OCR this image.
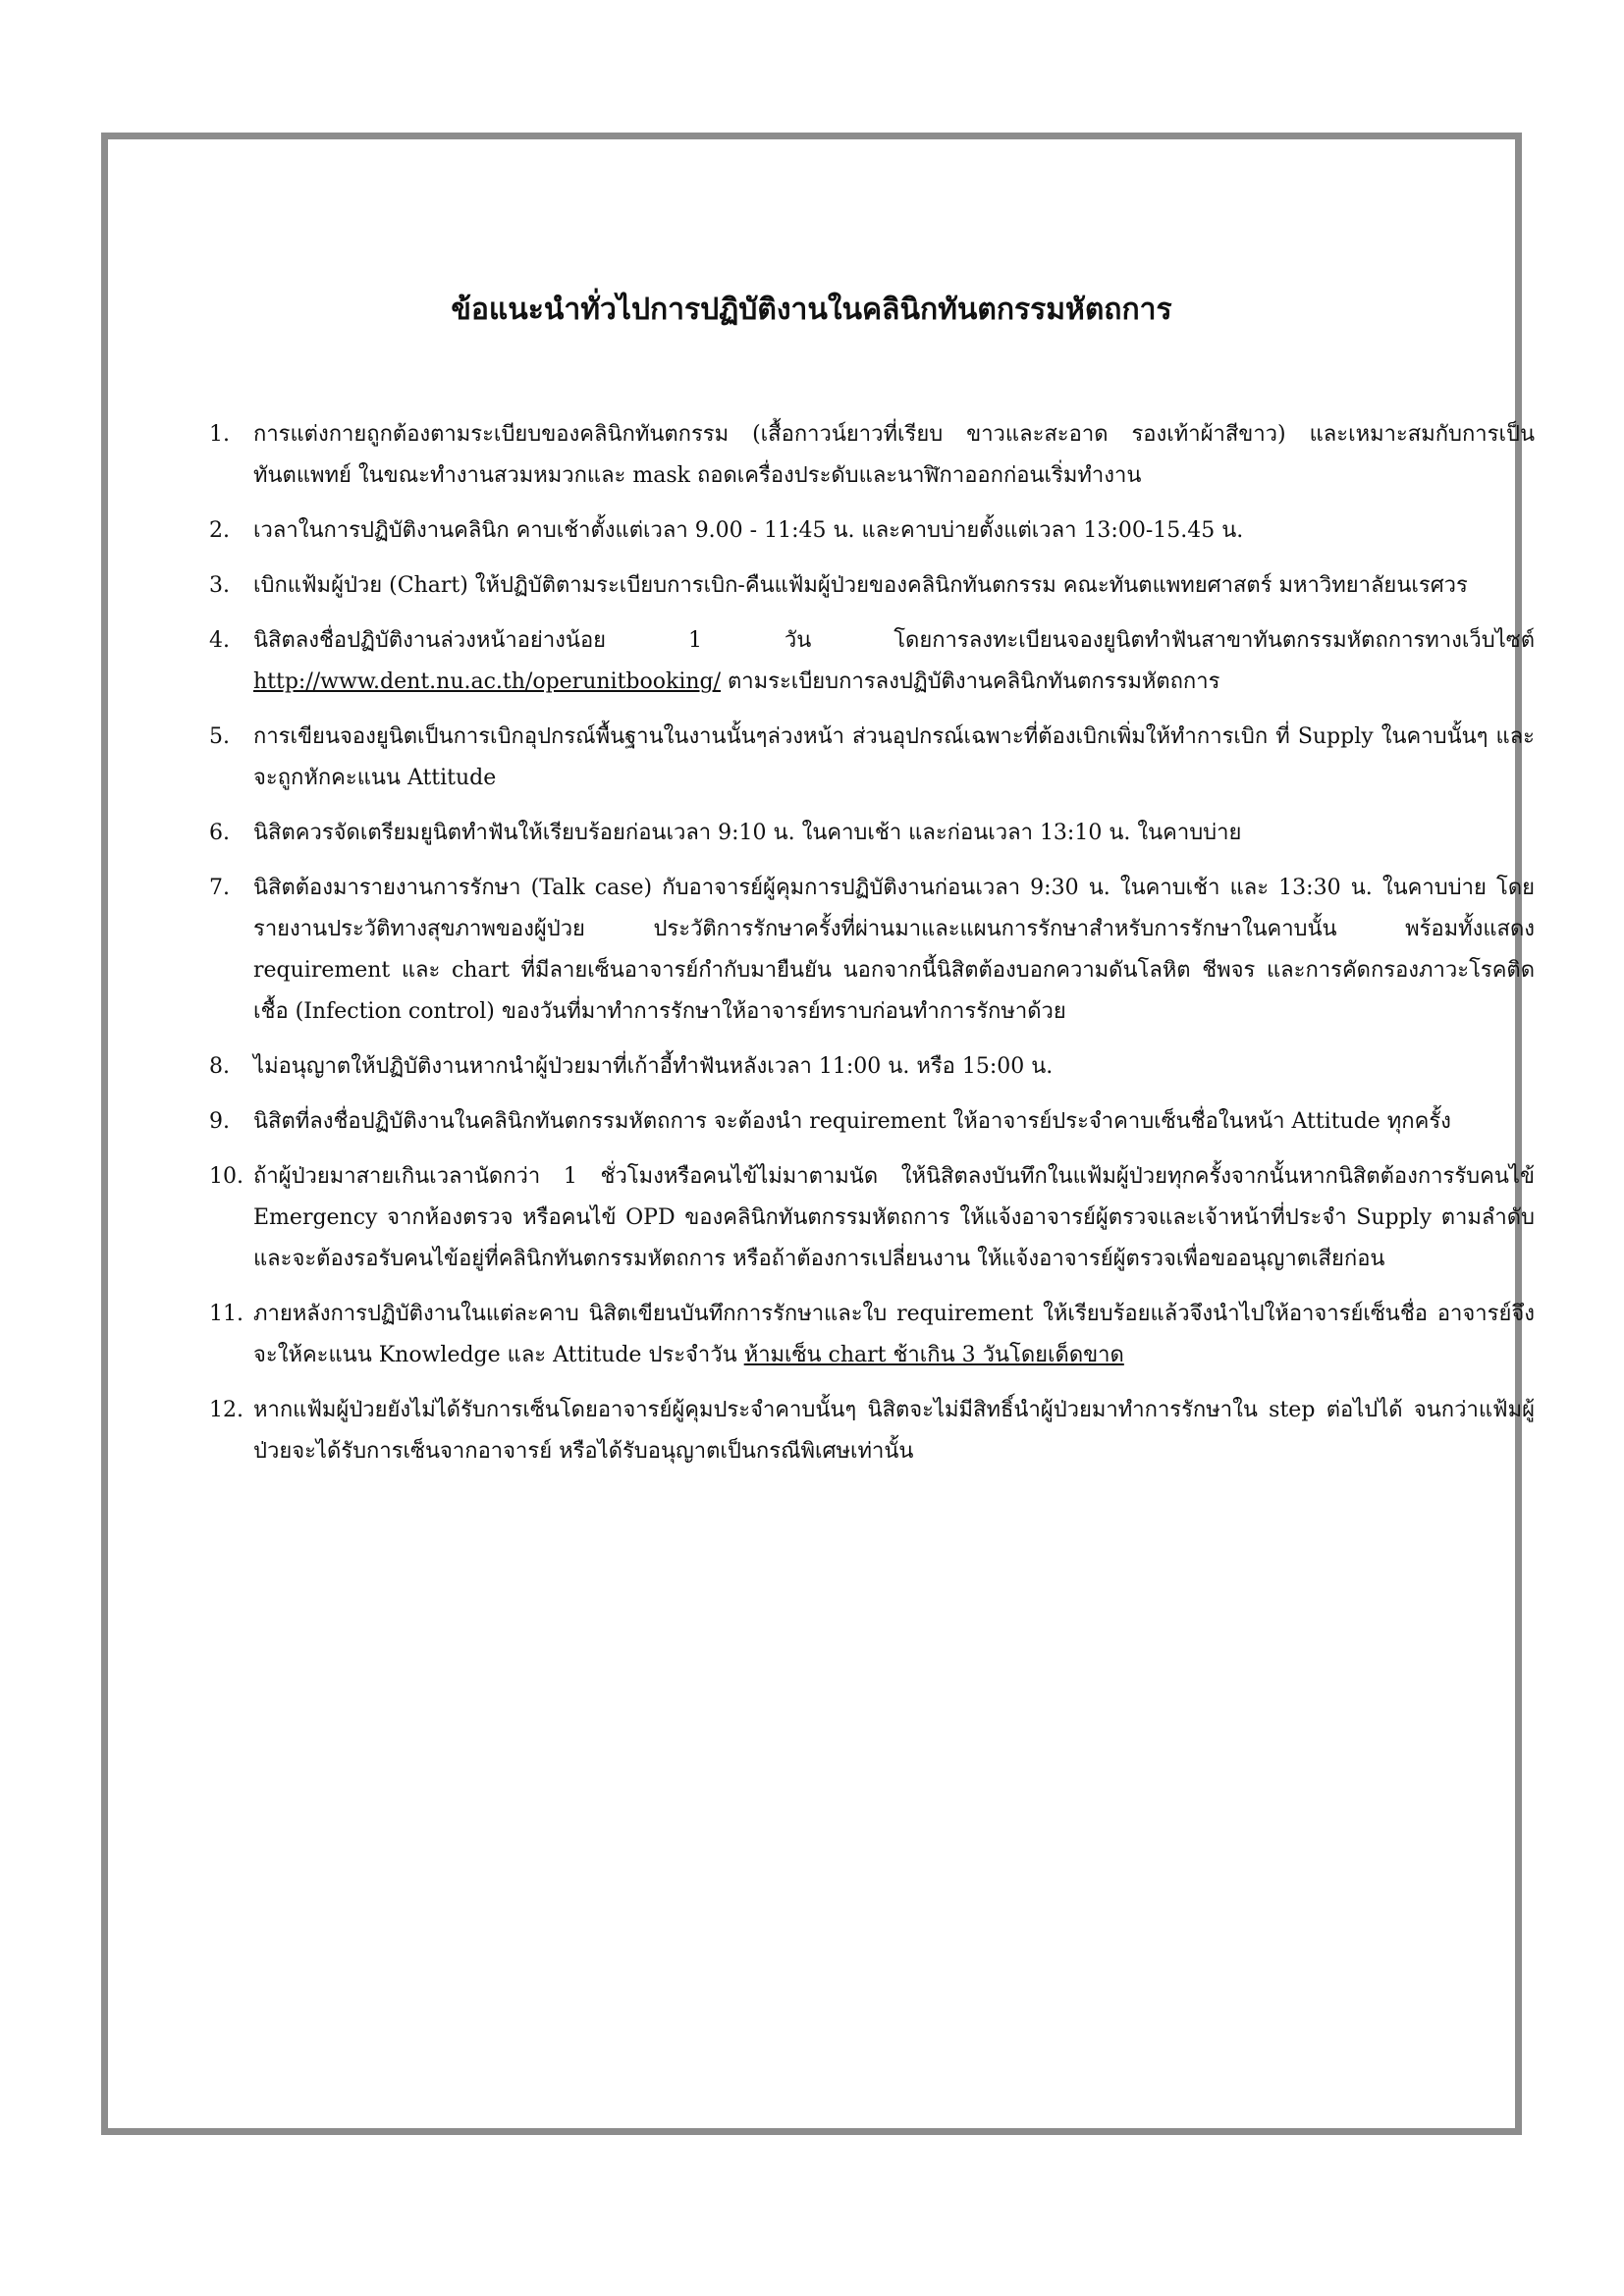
ข้อแนะนำทั่วไปการปฏิบัติงานในคลินิกทันตกรรมหัตถการ
1.	การแต่งกายถูกต้องตามระเบียบของคลินิกทันตกรรม (เสื้อกาวน์ยาวที่เรียบ ขาวและสะอาด รองเท้าผ้าสีขาว) และเหมาะสมกับการเป็นทันตแพทย์ ในขณะทำงานสวมหมวกและ mask ถอดเครื่องประดับและนาฬิกาออกก่อนเริ่มทำงาน
2.	เวลาในการปฏิบัติงานคลินิก คาบเช้าตั้งแต่เวลา 9.00 - 11:45 น. และคาบบ่ายตั้งแต่เวลา 13:00-15.45 น.
3.	เบิกแฟ้มผู้ป่วย (Chart) ให้ปฏิบัติตามระเบียบการเบิก-คืนแฟ้มผู้ป่วยของคลินิกทันตกรรม คณะทันตแพทยศาสตร์ มหาวิทยาลัยนเรศวร
4.	นิสิตลงชื่อปฏิบัติงานล่วงหน้าอย่างน้อย 1 วัน โดยการลงทะเบียนจองยูนิตทำฟันสาขาทันตกรรมหัตถการทางเว็บไซต์ http://www.dent.nu.ac.th/operunitbooking/ ตามระเบียบการลงปฏิบัติงานคลินิกทันตกรรมหัตถการ
5.	การเขียนจองยูนิตเป็นการเบิกอุปกรณ์พื้นฐานในงานนั้นๆล่วงหน้า ส่วนอุปกรณ์เฉพาะที่ต้องเบิกเพิ่มให้ทำการเบิก ที่ Supply ในคาบนั้นๆ และจะถูกหักคะแนน Attitude
6.	นิสิตควรจัดเตรียมยูนิตทำฟันให้เรียบร้อยก่อนเวลา 9:10 น. ในคาบเช้า และก่อนเวลา 13:10 น. ในคาบบ่าย
7.	นิสิตต้องมารายงานการรักษา (Talk case) กับอาจารย์ผู้คุมการปฏิบัติงานก่อนเวลา 9:30 น. ในคาบเช้า และ 13:30 น. ในคาบบ่าย โดยรายงานประวัติทางสุขภาพของผู้ป่วย ประวัติการรักษาครั้งที่ผ่านมาและแผนการรักษาสำหรับการรักษาในคาบนั้น พร้อมทั้งแสดง requirement และ chart ที่มีลายเซ็นอาจารย์กำกับมายืนยัน นอกจากนี้นิสิตต้องบอกความดันโลหิต ชีพจร และการคัดกรองภาวะโรคติดเชื้อ (Infection control) ของวันที่มาทำการรักษาให้อาจารย์ทราบก่อนทำการรักษาด้วย
8.	ไม่อนุญาตให้ปฏิบัติงานหากนำผู้ป่วยมาที่เก้าอี้ทำฟันหลังเวลา 11:00 น. หรือ 15:00 น.
9.	นิสิตที่ลงชื่อปฏิบัติงานในคลินิกทันตกรรมหัตถการ จะต้องนำ requirement ให้อาจารย์ประจำคาบเซ็นชื่อในหน้า Attitude ทุกครั้ง
10. ถ้าผู้ป่วยมาสายเกินเวลานัดกว่า 1 ชั่วโมงหรือคนไข้ไม่มาตามนัด ให้นิสิตลงบันทึกในแฟ้มผู้ป่วยทุกครั้งจากนั้นหากนิสิตต้องการรับคนไข้ Emergency จากห้องตรวจ หรือคนไข้ OPD ของคลินิกทันตกรรมหัตถการ ให้แจ้งอาจารย์ผู้ตรวจและเจ้าหน้าที่ประจำ Supply ตามลำดับและจะต้องรอรับคนไข้อยู่ที่คลินิกทันตกรรมหัตถการ หรือถ้าต้องการเปลี่ยนงาน ให้แจ้งอาจารย์ผู้ตรวจเพื่อขออนุญาตเสียก่อน
11. ภายหลังการปฏิบัติงานในแต่ละคาบ นิสิตเขียนบันทึกการรักษาและใบ requirement ให้เรียบร้อยแล้วจึงนำไปให้อาจารย์เซ็นชื่อ อาจารย์จึงจะให้คะแนน Knowledge และ Attitude ประจำวัน ห้ามเซ็น chart ช้าเกิน 3 วันโดยเด็ดขาด
12. หากแฟ้มผู้ป่วยยังไม่ได้รับการเซ็นโดยอาจารย์ผู้คุมประจำคาบนั้นๆ นิสิตจะไม่มีสิทธิ์นำผู้ป่วยมาทำการรักษาใน step ต่อไปได้ จนกว่าแฟ้มผู้ป่วยจะได้รับการเซ็นจากอาจารย์ หรือได้รับอนุญาตเป็นกรณีพิเศษเท่านั้น
